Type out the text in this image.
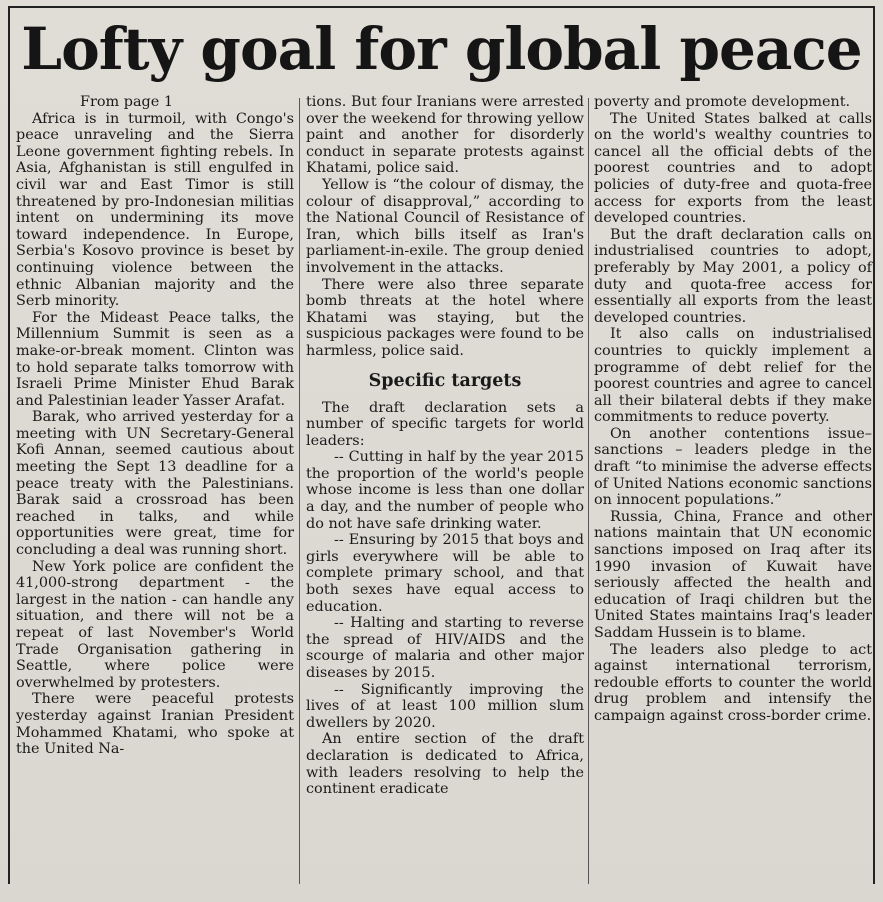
Lofty goal for global peace

From page 1

Africa is in turmoil, with Congo's peace unraveling and the Sierra Leone government fighting rebels. In Asia, Afghanistan is still engulfed in civil war and East Timor is still threatened by pro-Indonesian militias intent on undermining its move toward independence. In Europe, Serbia's Kosovo province is beset by continuing violence between the ethnic Albanian majority and the Serb minority.

For the Mideast Peace talks, the Millennium Summit is seen as a make-or-break moment. Clinton was to hold separate talks tomorrow with Israeli Prime Minister Ehud Barak and Palestinian leader Yasser Arafat.

Barak, who arrived yesterday for a meeting with UN Secretary-General Kofi Annan, seemed cautious about meeting the Sept 13 deadline for a peace treaty with the Palestinians. Barak said a crossroad has been reached in talks, and while opportunities were great, time for concluding a deal was running short.

New York police are confident the 41,000-strong department - the largest in the nation - can handle any situation, and there will not be a repeat of last November's World Trade Organisation gathering in Seattle, where police were overwhelmed by protesters.

There were peaceful protests yesterday against Iranian President Mohammed Khatami, who spoke at the United Na-

tions. But four Iranians were arrested over the weekend for throwing yellow paint and another for disorderly conduct in separate protests against Khatami, police said.

Yellow is “the colour of dismay, the colour of disapproval,” according to the National Council of Resistance of Iran, which bills itself as Iran's parliament-in-exile. The group denied involvement in the attacks.

There were also three separate bomb threats at the hotel where Khatami was staying, but the suspicious packages were found to be harmless, police said.

Specific targets

The draft declaration sets a number of specific targets for world leaders:

-- Cutting in half by the year 2015 the proportion of the world's people whose income is less than one dollar a day, and the number of people who do not have safe drinking water.

-- Ensuring by 2015 that boys and girls everywhere will be able to complete primary school, and that both sexes have equal access to education.

-- Halting and starting to reverse the spread of HIV/AIDS and the scourge of malaria and other major diseases by 2015.

-- Significantly improving the lives of at least 100 million slum dwellers by 2020.

An entire section of the draft declaration is dedicated to Africa, with leaders resolving to help the continent eradicate

poverty and promote development.

The United States balked at calls on the world's wealthy countries to cancel all the official debts of the poorest countries and to adopt policies of duty-free and quota-free access for exports from the least developed countries.

But the draft declaration calls on industrialised countries to adopt, preferably by May 2001, a policy of duty and quota-free access for essentially all exports from the least developed countries.

It also calls on industrialised countries to quickly implement a programme of debt relief for the poorest countries and agree to cancel all their bilateral debts if they make commitments to reduce poverty.

On another contentions issue– sanctions – leaders pledge in the draft “to minimise the adverse effects of United Nations economic sanctions on innocent populations.”

Russia, China, France and other nations maintain that UN economic sanctions imposed on Iraq after its 1990 invasion of Kuwait have seriously affected the health and education of Iraqi children but the United States maintains Iraq's leader Saddam Hussein is to blame.

The leaders also pledge to act against international terrorism, redouble efforts to counter the world drug problem and intensify the campaign against cross-border crime.
